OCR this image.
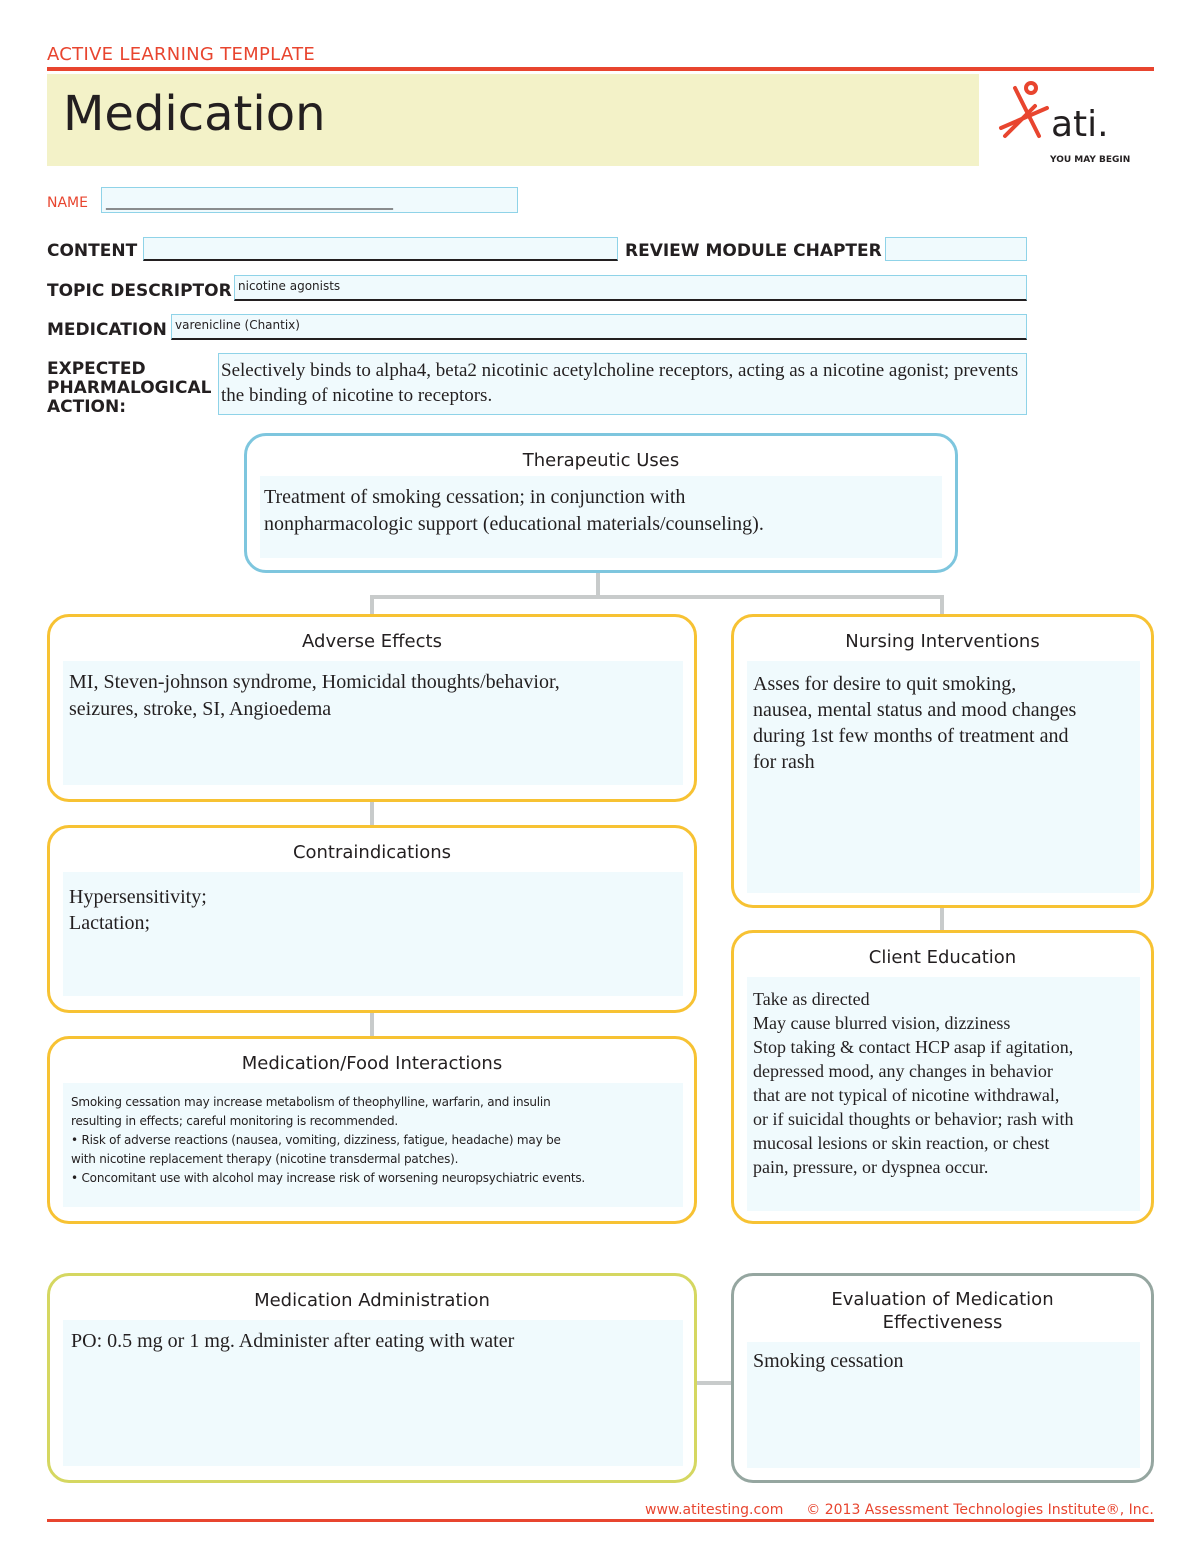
ACTIVE LEARNING TEMPLATE
Medication	ati.
YOU MAY BEGIN
NAME _________________________________________
CONTENT	REVIEW MODULE CHAPTER
TOPIC DESCRIPTOR nicotine agonists
MEDICATION varenicline (Chantix)
EXPECTED
PHARMALOGICAL
ACTION:
Selectively binds to alpha4, beta2 nicotinic acetylcholine receptors, acting as a nicotine agonist; prevents the binding of nicotine to receptors.
Therapeutic Uses
Treatment of smoking cessation; in conjunction with
nonpharmacologic support (educational materials/counseling).
Adverse Effects
MI, Steven-johnson syndrome, Homicidal thoughts/behavior,
seizures, stroke, SI, Angioedema
Nursing Interventions
Asses for desire to quit smoking,
nausea, mental status and mood changes
during 1st few months of treatment and
for rash
Contraindications
Hypersensitivity;
Lactation;
Client Education
Take as directed
May cause blurred vision, dizziness
Stop taking & contact HCP asap if agitation,
depressed mood, any changes in behavior
that are not typical of nicotine withdrawal,
or if suicidal thoughts or behavior; rash with
mucosal lesions or skin reaction, or chest
pain, pressure, or dyspnea occur.
Medication/Food Interactions
Smoking cessation may increase metabolism of theophylline, warfarin, and insulin
resulting in effects; careful monitoring is recommended.
• Risk of adverse reactions (nausea, vomiting, dizziness, fatigue, headache) may be
with nicotine replacement therapy (nicotine transdermal patches).
• Concomitant use with alcohol may increase risk of worsening neuropsychiatric events.
Medication Administration
PO: 0.5 mg or 1 mg. Administer after eating with water
Evaluation of Medication
Effectiveness
Smoking cessation
www.atitesting.com © 2013 Assessment Technologies Institute®, Inc.
